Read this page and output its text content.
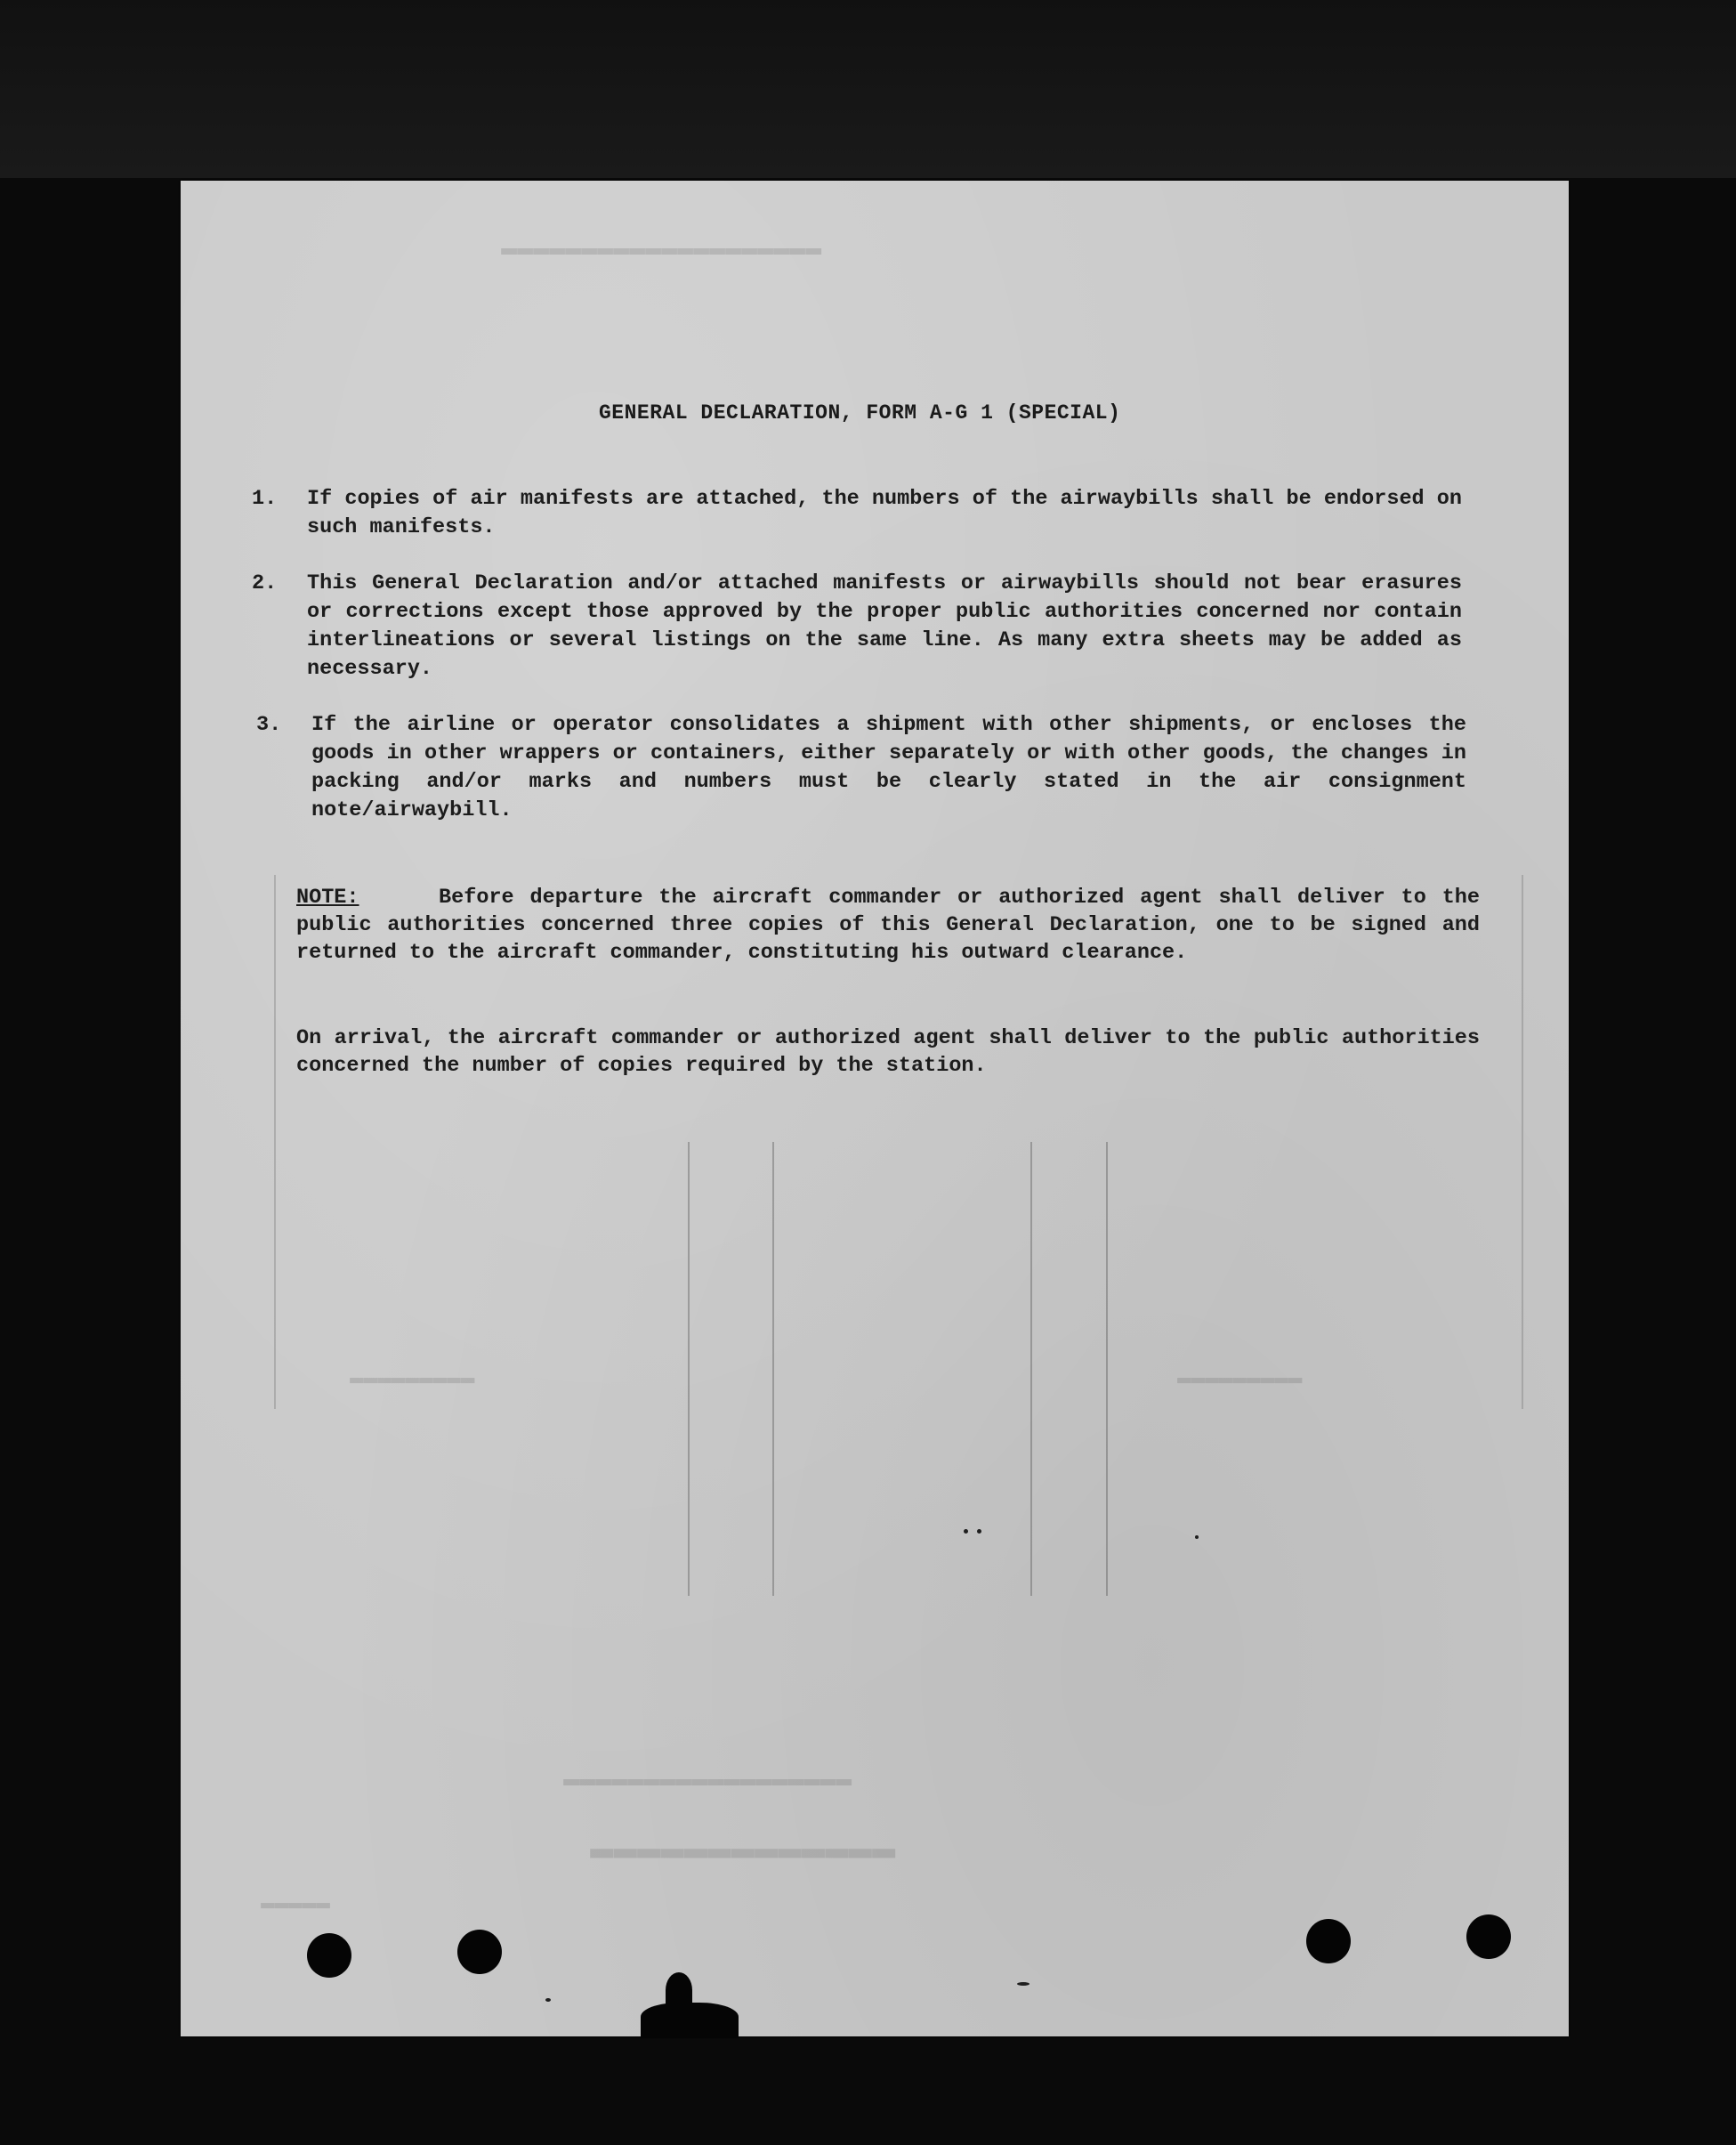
▬▬▬▬▬▬▬▬▬▬▬▬▬▬▬▬▬▬▬▬
▬▬▬▬▬▬▬▬▬	▬▬▬▬▬▬▬▬▬
▬▬▬▬▬▬▬▬▬▬▬▬▬▬▬▬▬▬
▬▬▬▬▬▬▬▬▬▬▬▬▬
▬▬▬▬▬
GENERAL DECLARATION, FORM A-G 1 (SPECIAL)
1. If copies of air manifests are attached, the numbers of the airwaybills shall be endorsed on such manifests.
2. This General Declaration and/or attached manifests or airwaybills should not bear erasures or corrections except those approved by the proper public authorities concerned nor contain interlineations or several listings on the same line. As many extra sheets may be added as necessary.
3. If the airline or operator consolidates a shipment with other shipments, or encloses the goods in other wrappers or containers, either separately or with other goods, the changes in packing and/or marks and numbers must be clearly stated in the air consignment note/airwaybill.
NOTE:	Before departure the aircraft commander or authorized agent shall deliver to the public authorities concerned three copies of this General Declaration, one to be signed and returned to the aircraft commander, constituting his outward clearance.
On arrival, the aircraft commander or authorized agent shall deliver to the public authorities concerned the number of copies required by the station.
